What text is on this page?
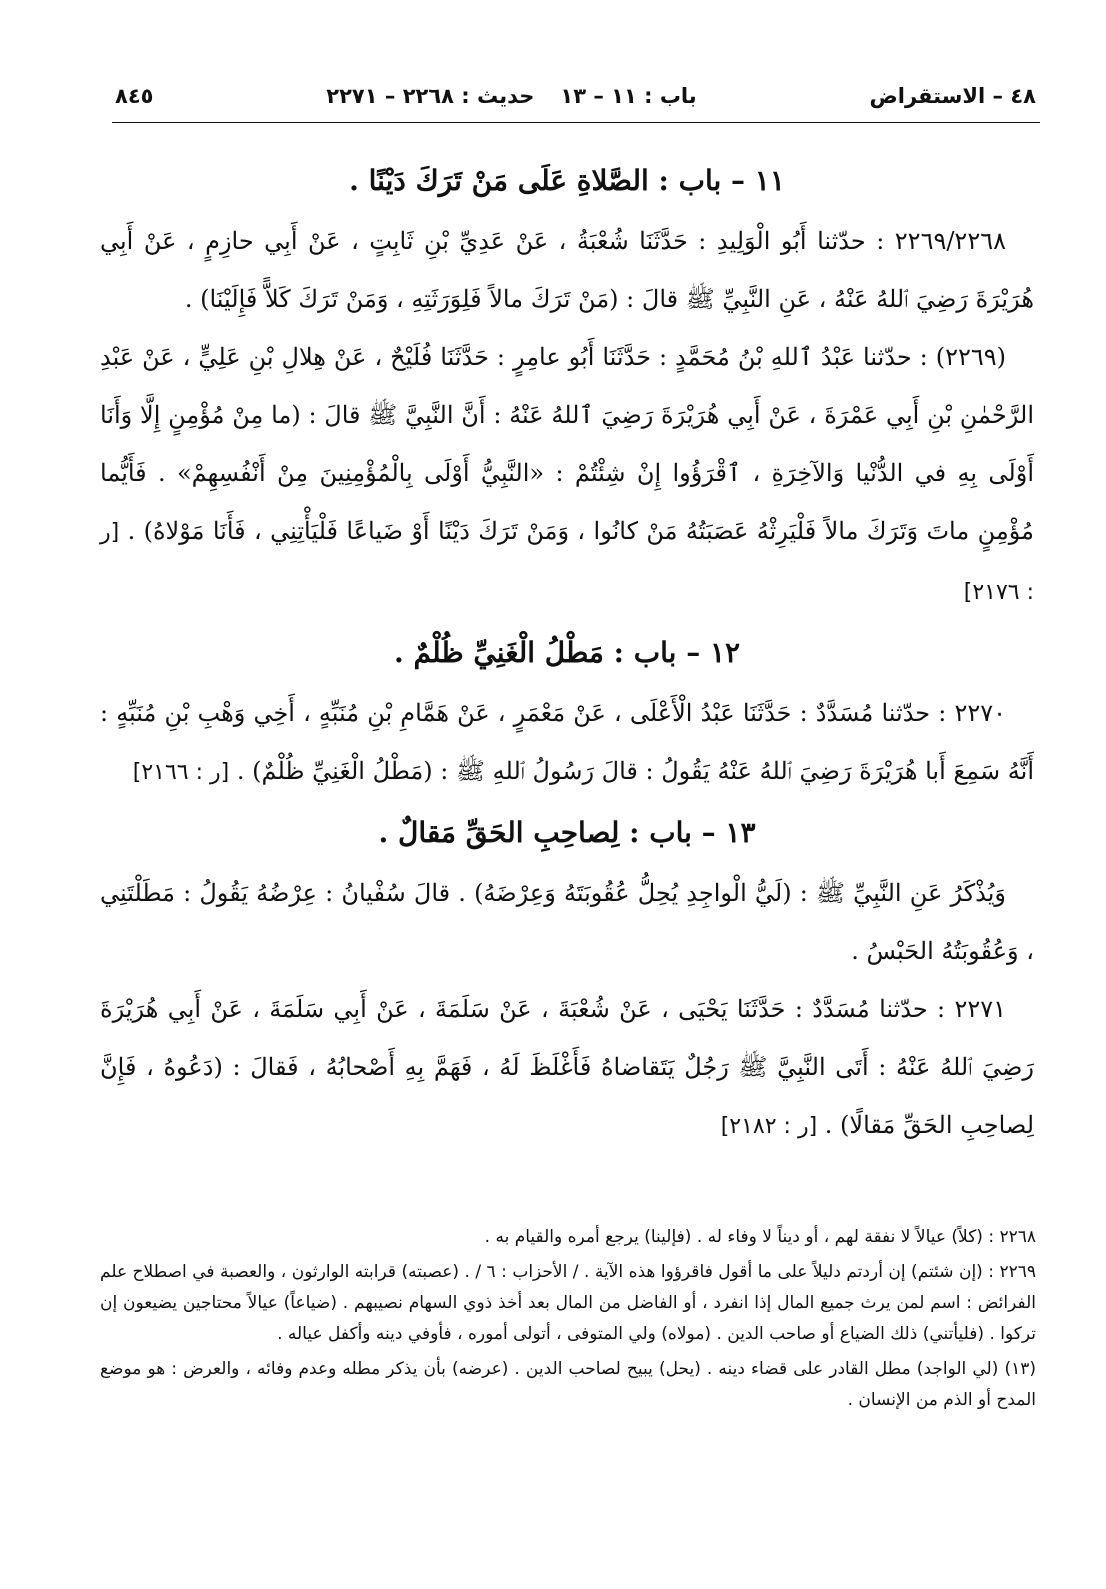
٤٨ – الاستقراض
باب : ١١ – ١٣
حديث : ٢٢٦٨ – ٢٢٧١
٨٤٥

١١ – باب : الصَّلاةِ عَلَى مَنْ تَرَكَ دَيْنًا .

٢٢٦٩/٢٢٦٨ : حدّثنا أَبُو الْوَلِيدِ : حَدَّثَنَا شُعْبَةُ ، عَنْ عَدِيِّ بْنِ ثَابِتٍ ، عَنْ أَبِي حازِمٍ ، عَنْ أَبِي هُرَيْرَةَ رَضِيَ ٱللهُ عَنْهُ ، عَنِ النَّبِيِّ ﷺ قالَ : (مَنْ تَرَكَ مالاً فَلِوَرَثَتِهِ ، وَمَنْ تَرَكَ كَلاًّ فَإِلَيْنَا) .

(٢٢٦٩) : حدّثنا عَبْدُ ٱللهِ بْنُ مُحَمَّدٍ : حَدَّثَنَا أَبُو عامِرٍ : حَدَّثَنَا فُلَيْحٌ ، عَنْ هِلالِ بْنِ عَلِيٍّ ، عَنْ عَبْدِ الرَّحْمٰنِ بْنِ أَبِي عَمْرَةَ ، عَنْ أَبِي هُرَيْرَةَ رَضِيَ ٱللهُ عَنْهُ : أَنَّ النَّبِيَّ ﷺ قالَ : (ما مِنْ مُؤْمِنٍ إِلَّا وَأَنَا أَوْلَى بِهِ في الدُّنْيا وَالآخِرَةِ ، ٱقْرَؤُوا إِنْ شِئْتُمْ : «النَّبِيُّ أَوْلَى بِالْمُؤْمِنِينَ مِنْ أَنْفُسِهِمْ» . فَأَيُّما مُؤْمِنٍ ماتَ وَتَرَكَ مالاً فَلْيَرِثْهُ عَصَبَتُهُ مَنْ كانُوا ، وَمَنْ تَرَكَ دَيْنًا أَوْ ضَياعًا فَلْيَأْتِنِي ، فَأَنَا مَوْلاهُ) . [ر : ٢١٧٦]

١٢ – باب : مَطْلُ الْغَنِيِّ ظُلْمٌ .

٢٢٧٠ : حدّثنا مُسَدَّدٌ : حَدَّثَنَا عَبْدُ الْأَعْلَى ، عَنْ مَعْمَرٍ ، عَنْ هَمَّامِ بْنِ مُنَبِّهٍ ، أَخِي وَهْبِ بْنِ مُنَبِّهٍ : أَنَّهُ سَمِعَ أَبا هُرَيْرَةَ رَضِيَ ٱللهُ عَنْهُ يَقُولُ : قالَ رَسُولُ ٱللهِ ﷺ : (مَطْلُ الْغَنِيِّ ظُلْمٌ) . [ر : ٢١٦٦]

١٣ – باب : لِصاحِبِ الحَقِّ مَقالٌ .

وَيُذْكَرُ عَنِ النَّبِيِّ ﷺ : (لَيُّ الْواجِدِ يُحِلُّ عُقُوبَتَهُ وَعِرْضَهُ) . قالَ سُفْيانُ : عِرْضُهُ يَقُولُ : مَطَلْتَنِي ، وَعُقُوبَتُهُ الحَبْسُ .

٢٢٧١ : حدّثنا مُسَدَّدٌ : حَدَّثَنَا يَحْيَى ، عَنْ شُعْبَةَ ، عَنْ سَلَمَةَ ، عَنْ أَبِي سَلَمَةَ ، عَنْ أَبِي هُرَيْرَةَ رَضِيَ ٱللهُ عَنْهُ : أَتَى النَّبِيَّ ﷺ رَجُلٌ يَتَقاضاهُ فَأَغْلَظَ لَهُ ، فَهَمَّ بِهِ أَصْحابُهُ ، فَقالَ : (دَعُوهُ ، فَإِنَّ لِصاحِبِ الحَقِّ مَقالًا) . [ر : ٢١٨٢]

٢٢٦٨ : (كلاً) عيالاً لا نفقة لهم ، أو ديناً لا وفاء له . (فإلينا) يرجع أمره والقيام به .

٢٢٦٩ : (إن شئتم) إن أردتم دليلاً على ما أقول فاقرؤوا هذه الآية . / الأحزاب : ٦ / . (عصبته) قرابته الوارثون ، والعصبة في اصطلاح علم الفرائض : اسم لمن يرث جميع المال إذا انفرد ، أو الفاضل من المال بعد أخذ ذوي السهام نصيبهم . (ضياعاً) عيالاً محتاجين يضيعون إن تركوا . (فليأتني) ذلك الضياع أو صاحب الدين . (مولاه) ولي المتوفى ، أتولى أموره ، فأوفي دينه وأكفل عياله .

(١٣) (لي الواجد) مطل القادر على قضاء دينه . (يحل) يبيح لصاحب الدين . (عرضه) بأن يذكر مطله وعدم وفائه ، والعرض : هو موضع المدح أو الذم من الإنسان .
